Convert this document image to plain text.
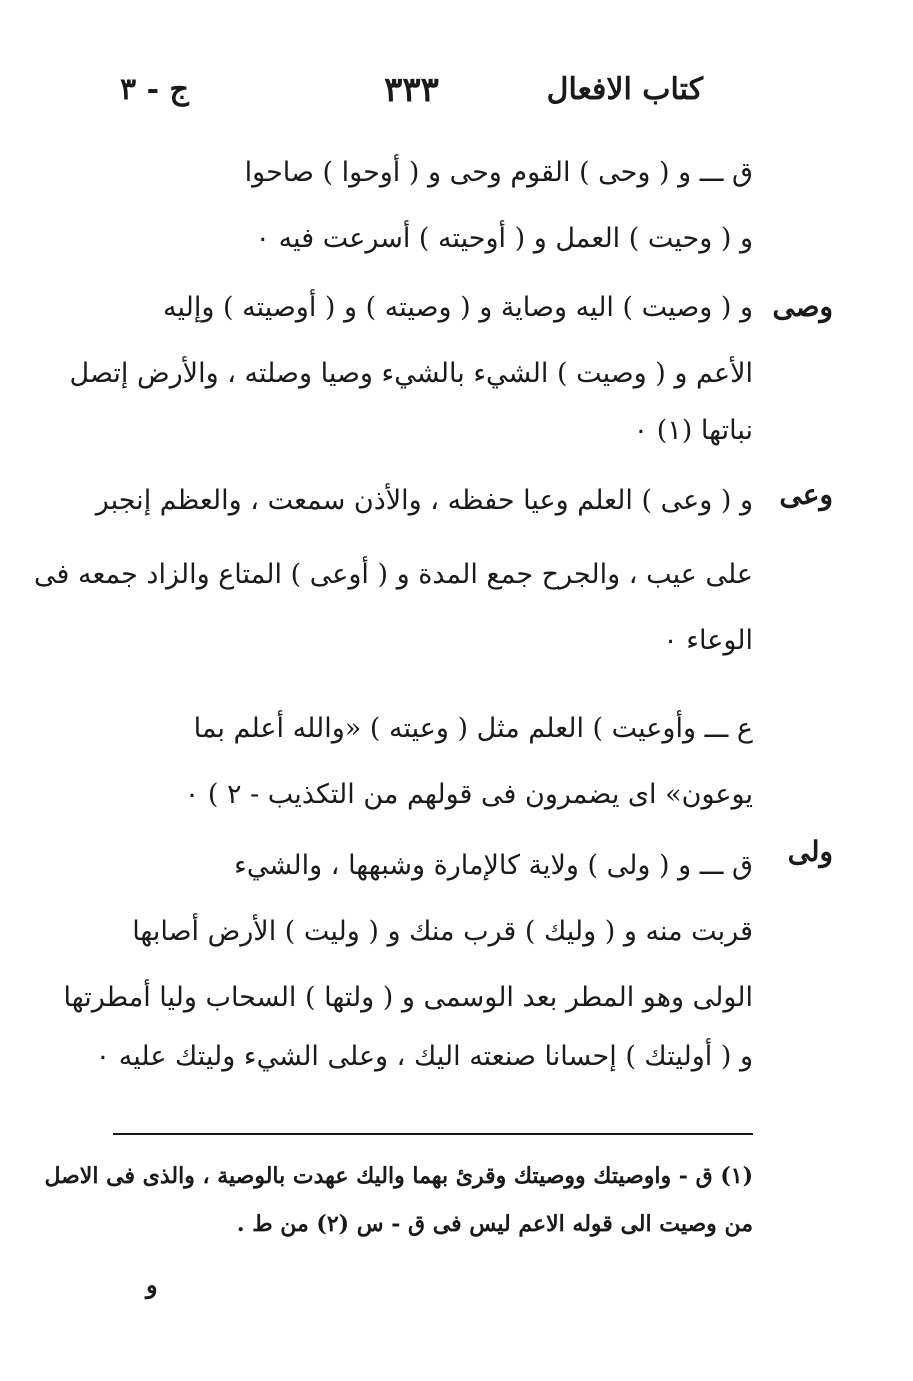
كتاب الافعال
٣٣٣
ج - ٣
ق ـــ و ( وحى ) القوم وحى و ( أوحوا ) صاحوا
و ( وحيت ) العمل و ( أوحيته ) أسرعت فيه ٠
وصى
و ( وصيت ) اليه وصاية و ( وصيته ) و ( أوصيته ) وإليه
الأعم و ( وصيت ) الشيء بالشيء وصيا وصلته ، والأرض إتصل
نباتها (١) ٠
وعى
و ( وعى ) العلم وعيا حفظه ، والأذن سمعت ، والعظم إنجبر
على عيب ، والجرح جمع المدة و ( أوعى ) المتاع والزاد جمعه فى
الوعاء ٠
ع ـــ وأوعيت ) العلم مثل ( وعيته ) «والله أعلم بما
يوعون» اى يضمرون فى قولهم من التكذيب - ٢ ) ٠
ولى
ق ـــ و ( ولى ) ولاية كالإمارة وشبهها ، والشيء
قربت منه و ( وليك ) قرب منك و ( وليت ) الأرض أصابها
الولى وهو المطر بعد الوسمى و ( ولتها ) السحاب وليا أمطرتها
و ( أوليتك ) إحسانا صنعته اليك ، وعلى الشيء وليتك عليه ٠
(١) ق - واوصيتك ووصيتك وقرئ بهما واليك عهدت بالوصية ، والذى فى الاصل
من وصيت الى قوله الاعم ليس فى ق - س (٢) من ط .
و
